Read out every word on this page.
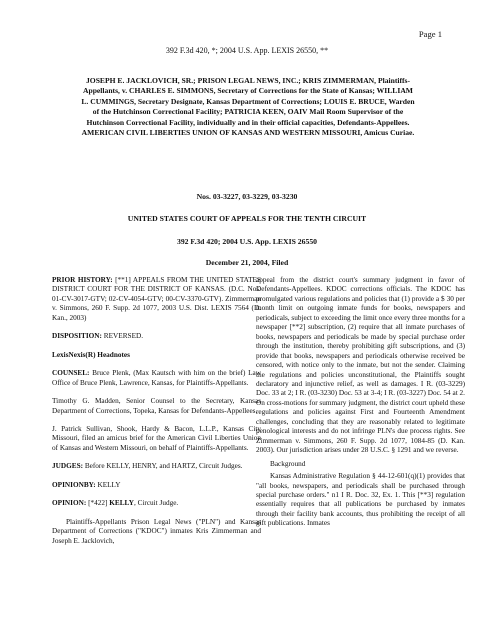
Page 1
392 F.3d 420, *; 2004 U.S. App. LEXIS 26550, **
JOSEPH E. JACKLOVICH, SR.; PRISON LEGAL NEWS, INC.; KRIS ZIMMERMAN, Plaintiffs-Appellants, v. CHARLES E. SIMMONS, Secretary of Corrections for the State of Kansas; WILLIAM L. CUMMINGS, Secretary Designate, Kansas Department of Corrections; LOUIS E. BRUCE, Warden of the Hutchinson Correctional Facility; PATRICIA KEEN, OAIV Mail Room Supervisor of the Hutchinson Correctional Facility, individually and in their official capacities, Defendants-Appellees. AMERICAN CIVIL LIBERTIES UNION OF KANSAS AND WESTERN MISSOURI, Amicus Curiae.
Nos. 03-3227, 03-3229, 03-3230
UNITED STATES COURT OF APPEALS FOR THE TENTH CIRCUIT
392 F.3d 420; 2004 U.S. App. LEXIS 26550
December 21, 2004, Filed

PRIOR HISTORY: [**1] APPEALS FROM THE UNITED STATES DISTRICT COURT FOR THE DISTRICT OF KANSAS. (D.C. Nos. 01-CV-3017-GTV; 02-CV-4054-GTV; 00-CV-3370-GTV). Zimmerman v. Simmons, 260 F. Supp. 2d 1077, 2003 U.S. Dist. LEXIS 7564 (D. Kan., 2003)

DISPOSITION: REVERSED.

LexisNexis(R) Headnotes

COUNSEL: Bruce Plenk, (Max Kautsch with him on the brief) Law Office of Bruce Plenk, Lawrence, Kansas, for Plaintiffs-Appellants.

Timothy G. Madden, Senior Counsel to the Secretary, Kansas Department of Corrections, Topeka, Kansas for Defendants-Appellees.

J. Patrick Sullivan, Shook, Hardy & Bacon, L.L.P., Kansas City Missouri, filed an amicus brief for the American Civil Liberties Union of Kansas and Western Missouri, on behalf of Plaintiffs-Appellants.

JUDGES: Before KELLY, HENRY, and HARTZ, Circuit Judges.

OPINIONBY: KELLY

OPINION: [*422] KELLY, Circuit Judge.

Plaintiffs-Appellants Prison Legal News ("PLN") and Kansas Department of Corrections ("KDOC") inmates Kris Zimmerman and Joseph E. Jacklovich,

appeal from the district court's summary judgment in favor of Defendants-Appellees. KDOC corrections officials. The KDOC has promulgated various regulations and policies that (1) provide a $ 30 per month limit on outgoing inmate funds for books, newspapers and periodicals, subject to exceeding the limit once every three months for a newspaper [**2] subscription, (2) require that all inmate purchases of books, newspapers and periodicals be made by special purchase order through the institution, thereby prohibiting gift subscriptions, and (3) provide that books, newspapers and periodicals otherwise received be censored, with notice only to the inmate, but not the sender. Claiming the regulations and policies unconstitutional, the Plaintiffs sought declaratory and injunctive relief, as well as damages. I R. (03-3229) Doc. 33 at 2; I R. (03-3230) Doc. 53 at 3-4; I R. (03-3227) Doc. 54 at 2. On cross-motions for summary judgment, the district court upheld these regulations and policies against First and Fourteenth Amendment challenges, concluding that they are reasonably related to legitimate penological interests and do not infringe PLN's due process rights. See Zimmerman v. Simmons, 260 F. Supp. 2d 1077, 1084-85 (D. Kan. 2003). Our jurisdiction arises under 28 U.S.C. § 1291 and we reverse.

Background

Kansas Administrative Regulation § 44-12-601(q)(1) provides that "all books, newspapers, and periodicals shall be purchased through special purchase orders." n1 I R. Doc. 32, Ex. 1. This [**3] regulation essentially requires that all publications be purchased by inmates through their facility bank accounts, thus prohibiting the receipt of all gift publications. Inmates
